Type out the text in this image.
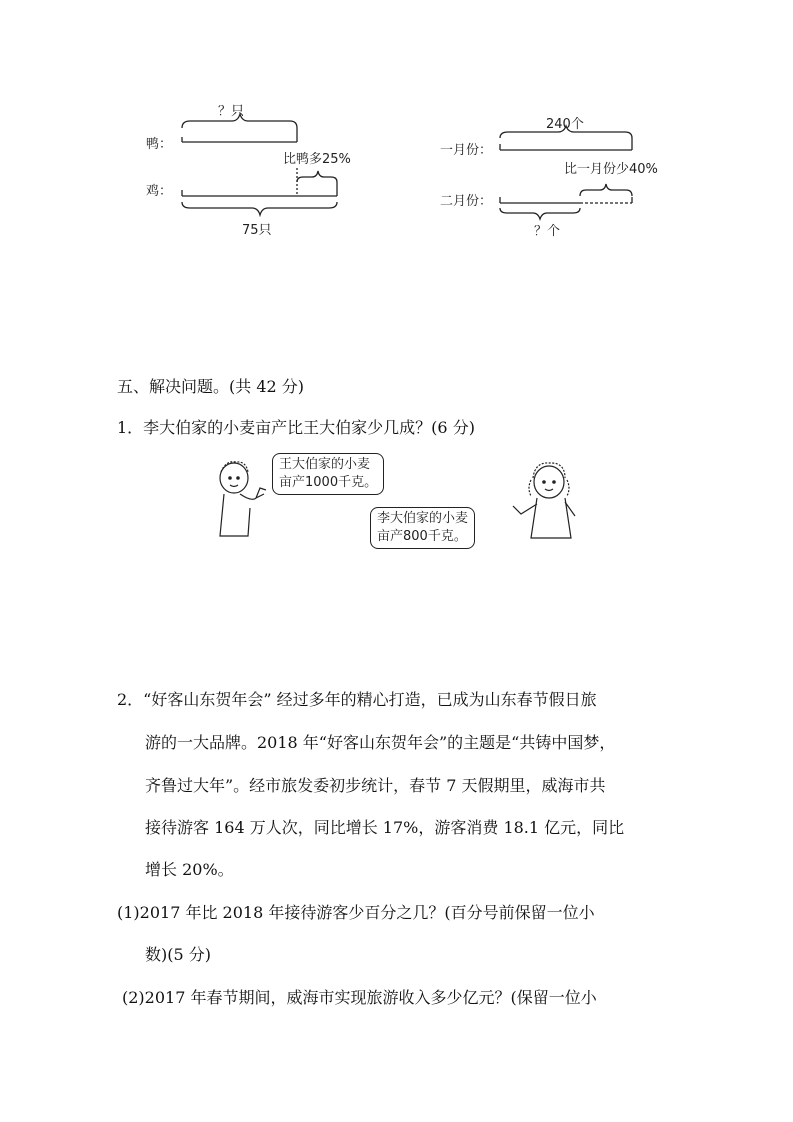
？只
鸭：
鸡：
比鸭多25%
75只
240个
一月份：
二月份：
比一月份少40%
？个
五、解决问题。(共 42 分)
1．李大伯家的小麦亩产比王大伯家少几成？(6 分)
王大伯家的小麦
亩产1000千克。
李大伯家的小麦
亩产800千克。
2．“好客山东贺年会” 经过多年的精心打造，已成为山东春节假日旅
游的一大品牌。2018 年“好客山东贺年会”的主题是“共铸中国梦，
齐鲁过大年”。经市旅发委初步统计，春节 7 天假期里，威海市共
接待游客 164 万人次，同比增长 17%，游客消费 18.1 亿元，同比
增长 20%。
(1)2017 年比 2018 年接待游客少百分之几？(百分号前保留一位小
数)(5 分)
(2)2017 年春节期间，威海市实现旅游收入多少亿元？(保留一位小
